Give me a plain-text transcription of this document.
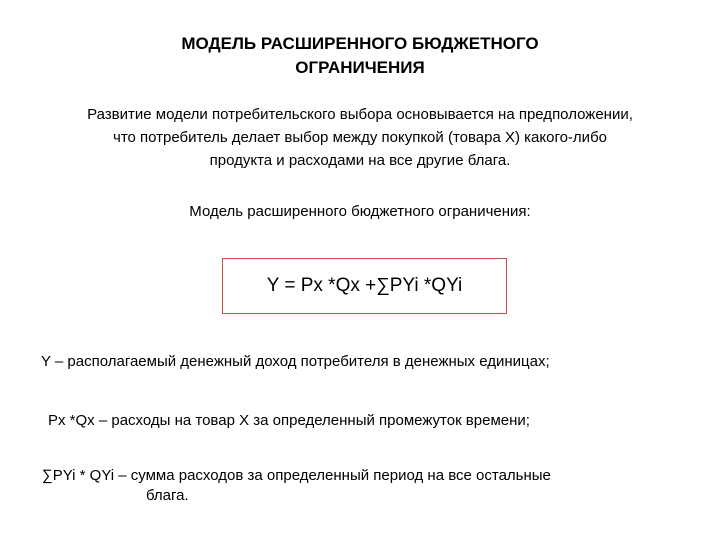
МОДЕЛЬ РАСШИРЕННОГО БЮДЖЕТНОГО
ОГРАНИЧЕНИЯ
Развитие модели потребительского выбора основывается на предположении,
что потребитель делает выбор между покупкой (товара Х) какого-либо
продукта и расходами на все другие блага.
Модель расширенного бюджетного ограничения:
Y = Px *Qx +∑PYi *QYi
Y – располагаемый денежный доход потребителя в денежных единицах;
Px *Qx – расходы на товар X за определенный промежуток времени;
∑PYi * QYi – сумма расходов за определенный период на все остальные
блага.
